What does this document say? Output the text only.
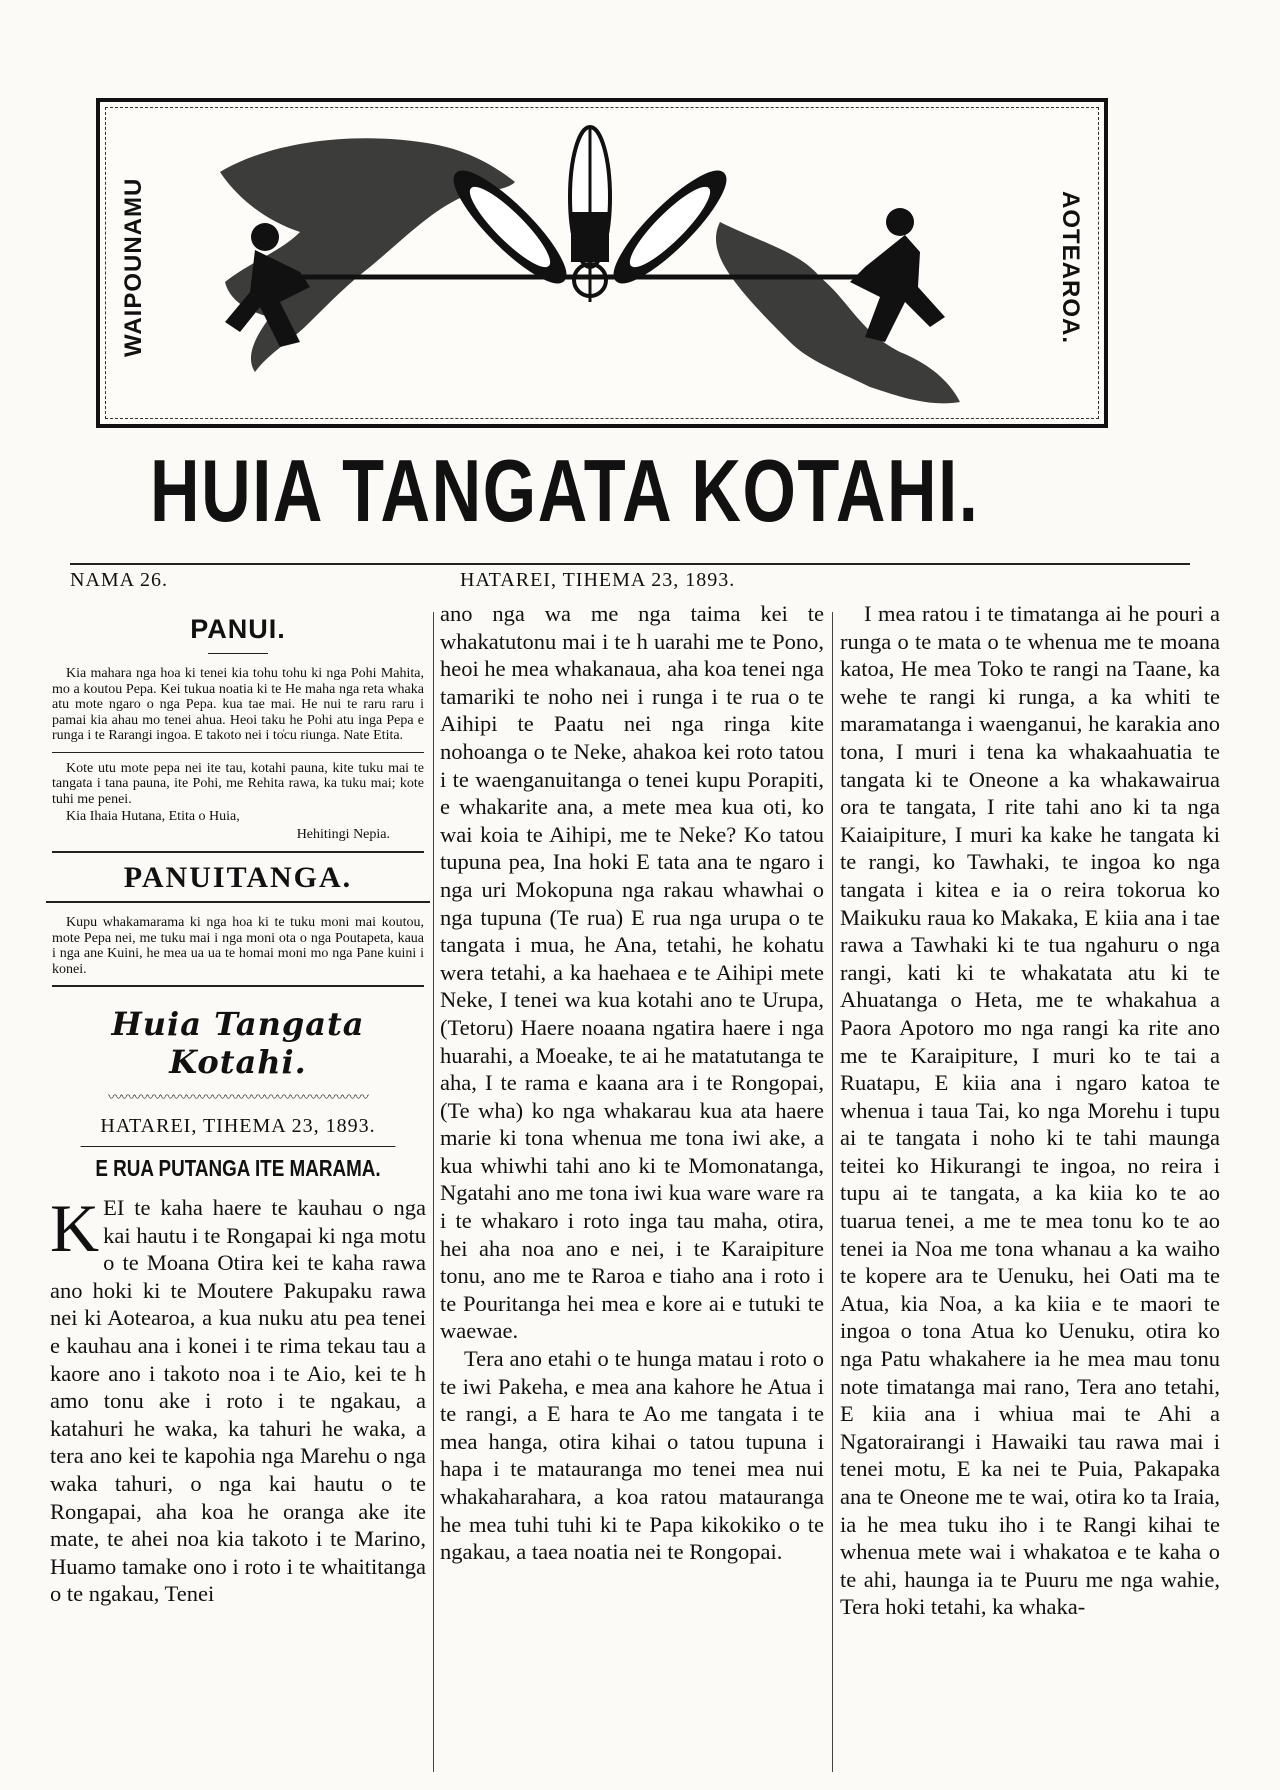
WAIPOUNAMU	AOTEAROA.
HUIA TANGATA KOTAHI.
NAMA 26.	HATAREI, TIHEMA 23, 1893.
PANUI.

Kia mahara nga hoa ki tenei kia tohu tohu ki nga Pohi Mahita, mo a koutou Pepa. Kei tukua noatia ki te He maha nga reta whaka atu mote ngaro o nga Pepa. kua tae mai. He nui te raru raru i pamai kia ahau mo tenei ahua. Heoi taku he Pohi atu inga Pepa e runga i te Rarangi ingoa. E takoto nei i to̍cu riunga. Nate Etita.

Kote utu mote pepa nei ite tau, kotahi pauna, kite tuku mai te tangata i tana pauna, ite Pohi, me Rehita rawa, ka tuku mai; kote tuhi me penei.

Kia Ihaia Hutana, Etita o Huia,

Hehitingi Nepia.

PANUITANGA.

Kupu whakamarama ki nga hoa ki te tuku moni mai koutou, mote Pepa nei, me tuku mai i nga moni ota o nga Poutapeta, kaua i nga ane Kuini, he mea ua ua te homai moni mo nga Pane kuini i konei.

Huia Tangata Kotahi.

〰〰〰〰〰〰〰〰〰〰〰〰〰〰〰〰〰〰〰〰

HATAREI, TIHEMA 23, 1893.
E RUA PUTANGA ITE MARAMA.
K EI te kaha haere te kauhau o nga kai hautu i te Rongapai ki nga motu o te Moana Otira kei te kaha rawa ano hoki ki te Moutere Pakupaku rawa nei ki Aotearoa, a kua nuku atu pea tenei e kauhau ana i konei i te rima tekau tau a kaore ano i takoto noa i te Aio, kei te h amo tonu ake i roto i te ngakau, a katahuri he waka, ka tahuri he waka, a tera ano kei te kapohia nga Marehu o nga waka tahuri, o nga kai hautu o te Rongapai, aha koa he oranga ake ite mate, te ahei noa kia takoto i te Marino, Huamo tamake ono i roto i te whaititanga o te ngakau, Tenei

ano nga wa me nga taima kei te whakatutonu mai i te h uarahi me te Pono, heoi he mea whakanaua, aha koa tenei nga tamariki te noho nei i runga i te rua o te Aihipi te Paatu nei nga ringa kite nohoanga o te Neke, ahakoa kei roto tatou i te waenganuitanga o tenei kupu Porapiti, e whakarite ana, a mete mea kua oti, ko wai koia te Aihipi, me te Neke? Ko tatou tupuna pea, Ina hoki E tata ana te ngaro i nga uri Mokopuna nga rakau whawhai o nga tupuna (Te rua) E rua nga urupa o te tangata i mua, he Ana, tetahi, he kohatu wera tetahi, a ka haehaea e te Aihipi mete Neke, I tenei wa kua kotahi ano te Urupa, (Tetoru) Haere noaana ngatira haere i nga huarahi, a Moeake, te ai he matatutanga te aha, I te rama e kaana ara i te Rongopai, (Te wha) ko nga whakarau kua ata haere marie ki tona whenua me tona iwi ake, a kua whiwhi tahi ano ki te Momonatanga, Ngatahi ano me tona iwi kua ware ware ra i te whakaro i roto inga tau maha, otira, hei aha noa ano e nei, i te Karaipiture tonu, ano me te Raroa e tiaho ana i roto i te Pouritanga hei mea e kore ai e tutuki te waewae.

Tera ano etahi o te hunga matau i roto o te iwi Pakeha, e mea ana kahore he Atua i te rangi, a E hara te Ao me tangata i te mea hanga, otira kihai o tatou tupuna i hapa i te matauranga mo tenei mea nui whakaharahara, a koa ratou matauranga he mea tuhi tuhi ki te Papa kikokiko o te ngakau, a taea noatia nei te Rongopai.

I mea ratou i te timatanga ai he pouri a runga o te mata o te whenua me te moana katoa, He mea Toko te rangi na Taane, ka wehe te rangi ki runga, a ka whiti te maramatanga i waenganui, he karakia ano tona, I muri i tena ka whakaahuatia te tangata ki te Oneone a ka whakawairua ora te tangata, I rite tahi ano ki ta nga Kaiaipiture, I muri ka kake he tangata ki te rangi, ko Tawhaki, te ingoa ko nga tangata i kitea e ia o reira tokorua ko Maikuku raua ko Makaka, E kiia ana i tae rawa a Tawhaki ki te tua ngahuru o nga rangi, kati ki te whakatata atu ki te Ahuatanga o Heta, me te whakahua a Paora Apotoro mo nga rangi ka rite ano me te Karaipiture, I muri ko te tai a Ruatapu, E kiia ana i ngaro katoa te whenua i taua Tai, ko nga Morehu i tupu ai te tangata i noho ki te tahi maunga teitei ko Hikurangi te ingoa, no reira i tupu ai te tangata, a ka kiia ko te ao tuarua tenei, a me te mea tonu ko te ao tenei ia Noa me tona whanau a ka waiho te kopere ara te Uenuku, hei Oati ma te Atua, kia Noa, a ka kiia e te maori te ingoa o tona Atua ko Uenuku, otira ko nga Patu whakahere ia he mea mau tonu note timatanga mai rano, Tera ano tetahi, E kiia ana i whiua mai te Ahi a Ngatorairangi i Hawaiki tau rawa mai i tenei motu, E ka nei te Puia, Pakapaka ana te Oneone me te wai, otira ko ta Iraia, ia he mea tuku iho i te Rangi kihai te whenua mete wai i whakatoa e te kaha o te ahi, haunga ia te Puuru me nga wahie, Tera hoki tetahi, ka whaka-
